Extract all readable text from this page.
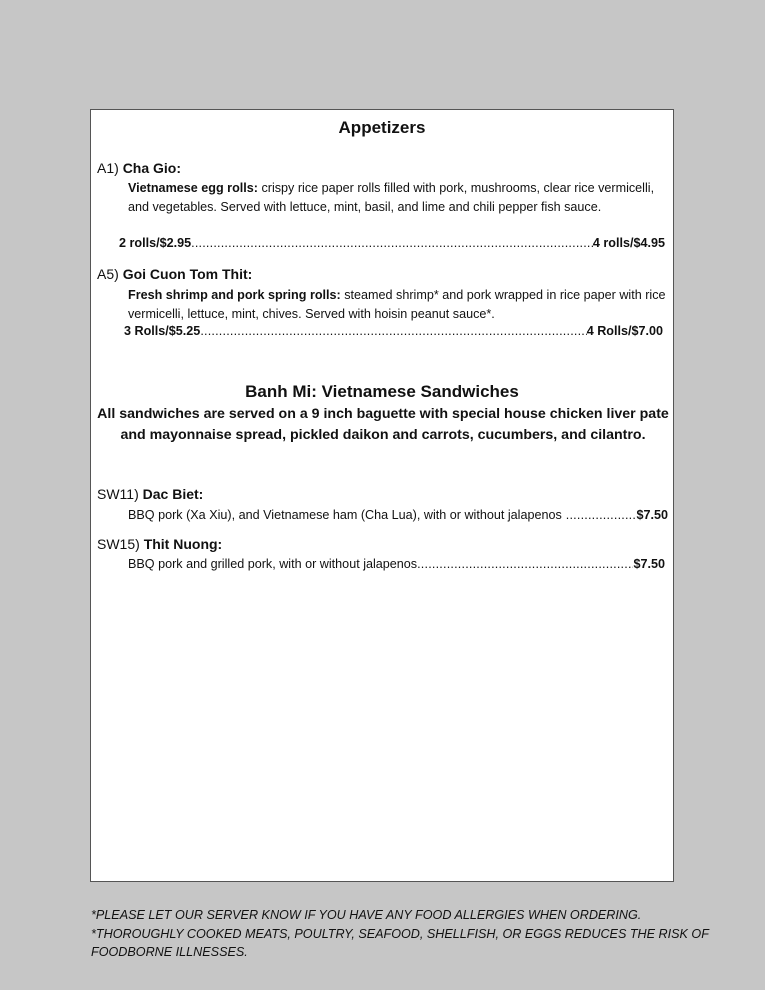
Appetizers
A1) Cha Gio:
Vietnamese egg rolls: crispy rice paper rolls filled with pork, mushrooms, clear rice vermicelli, and vegetables. Served with lettuce, mint, basil, and lime and chili pepper fish sauce.
2 rolls/$2.95 .....	4 rolls/$4.95
A5) Goi Cuon Tom Thit:
Fresh shrimp and pork spring rolls: steamed shrimp* and pork wrapped in rice paper with rice vermicelli, lettuce, mint, chives. Served with hoisin peanut sauce*.
3 Rolls/$5.25 .....	4 Rolls/$7.00
Banh Mi: Vietnamese Sandwiches
All sandwiches are served on a 9 inch baguette with special house chicken liver pate and mayonnaise spread, pickled daikon and carrots, cucumbers, and cilantro.
SW11) Dac Biet:
BBQ pork (Xa Xiu), and Vietnamese ham (Cha Lua), with or without jalapenos .....	$7.50
SW15) Thit Nuong:
BBQ pork and grilled pork, with or without jalapenos .....	$7.50
*PLEASE LET OUR SERVER KNOW IF YOU HAVE ANY FOOD ALLERGIES WHEN ORDERING.
*THOROUGHLY COOKED MEATS, POULTRY, SEAFOOD, SHELLFISH, OR EGGS REDUCES THE RISK OF FOODBORNE ILLNESSES.
